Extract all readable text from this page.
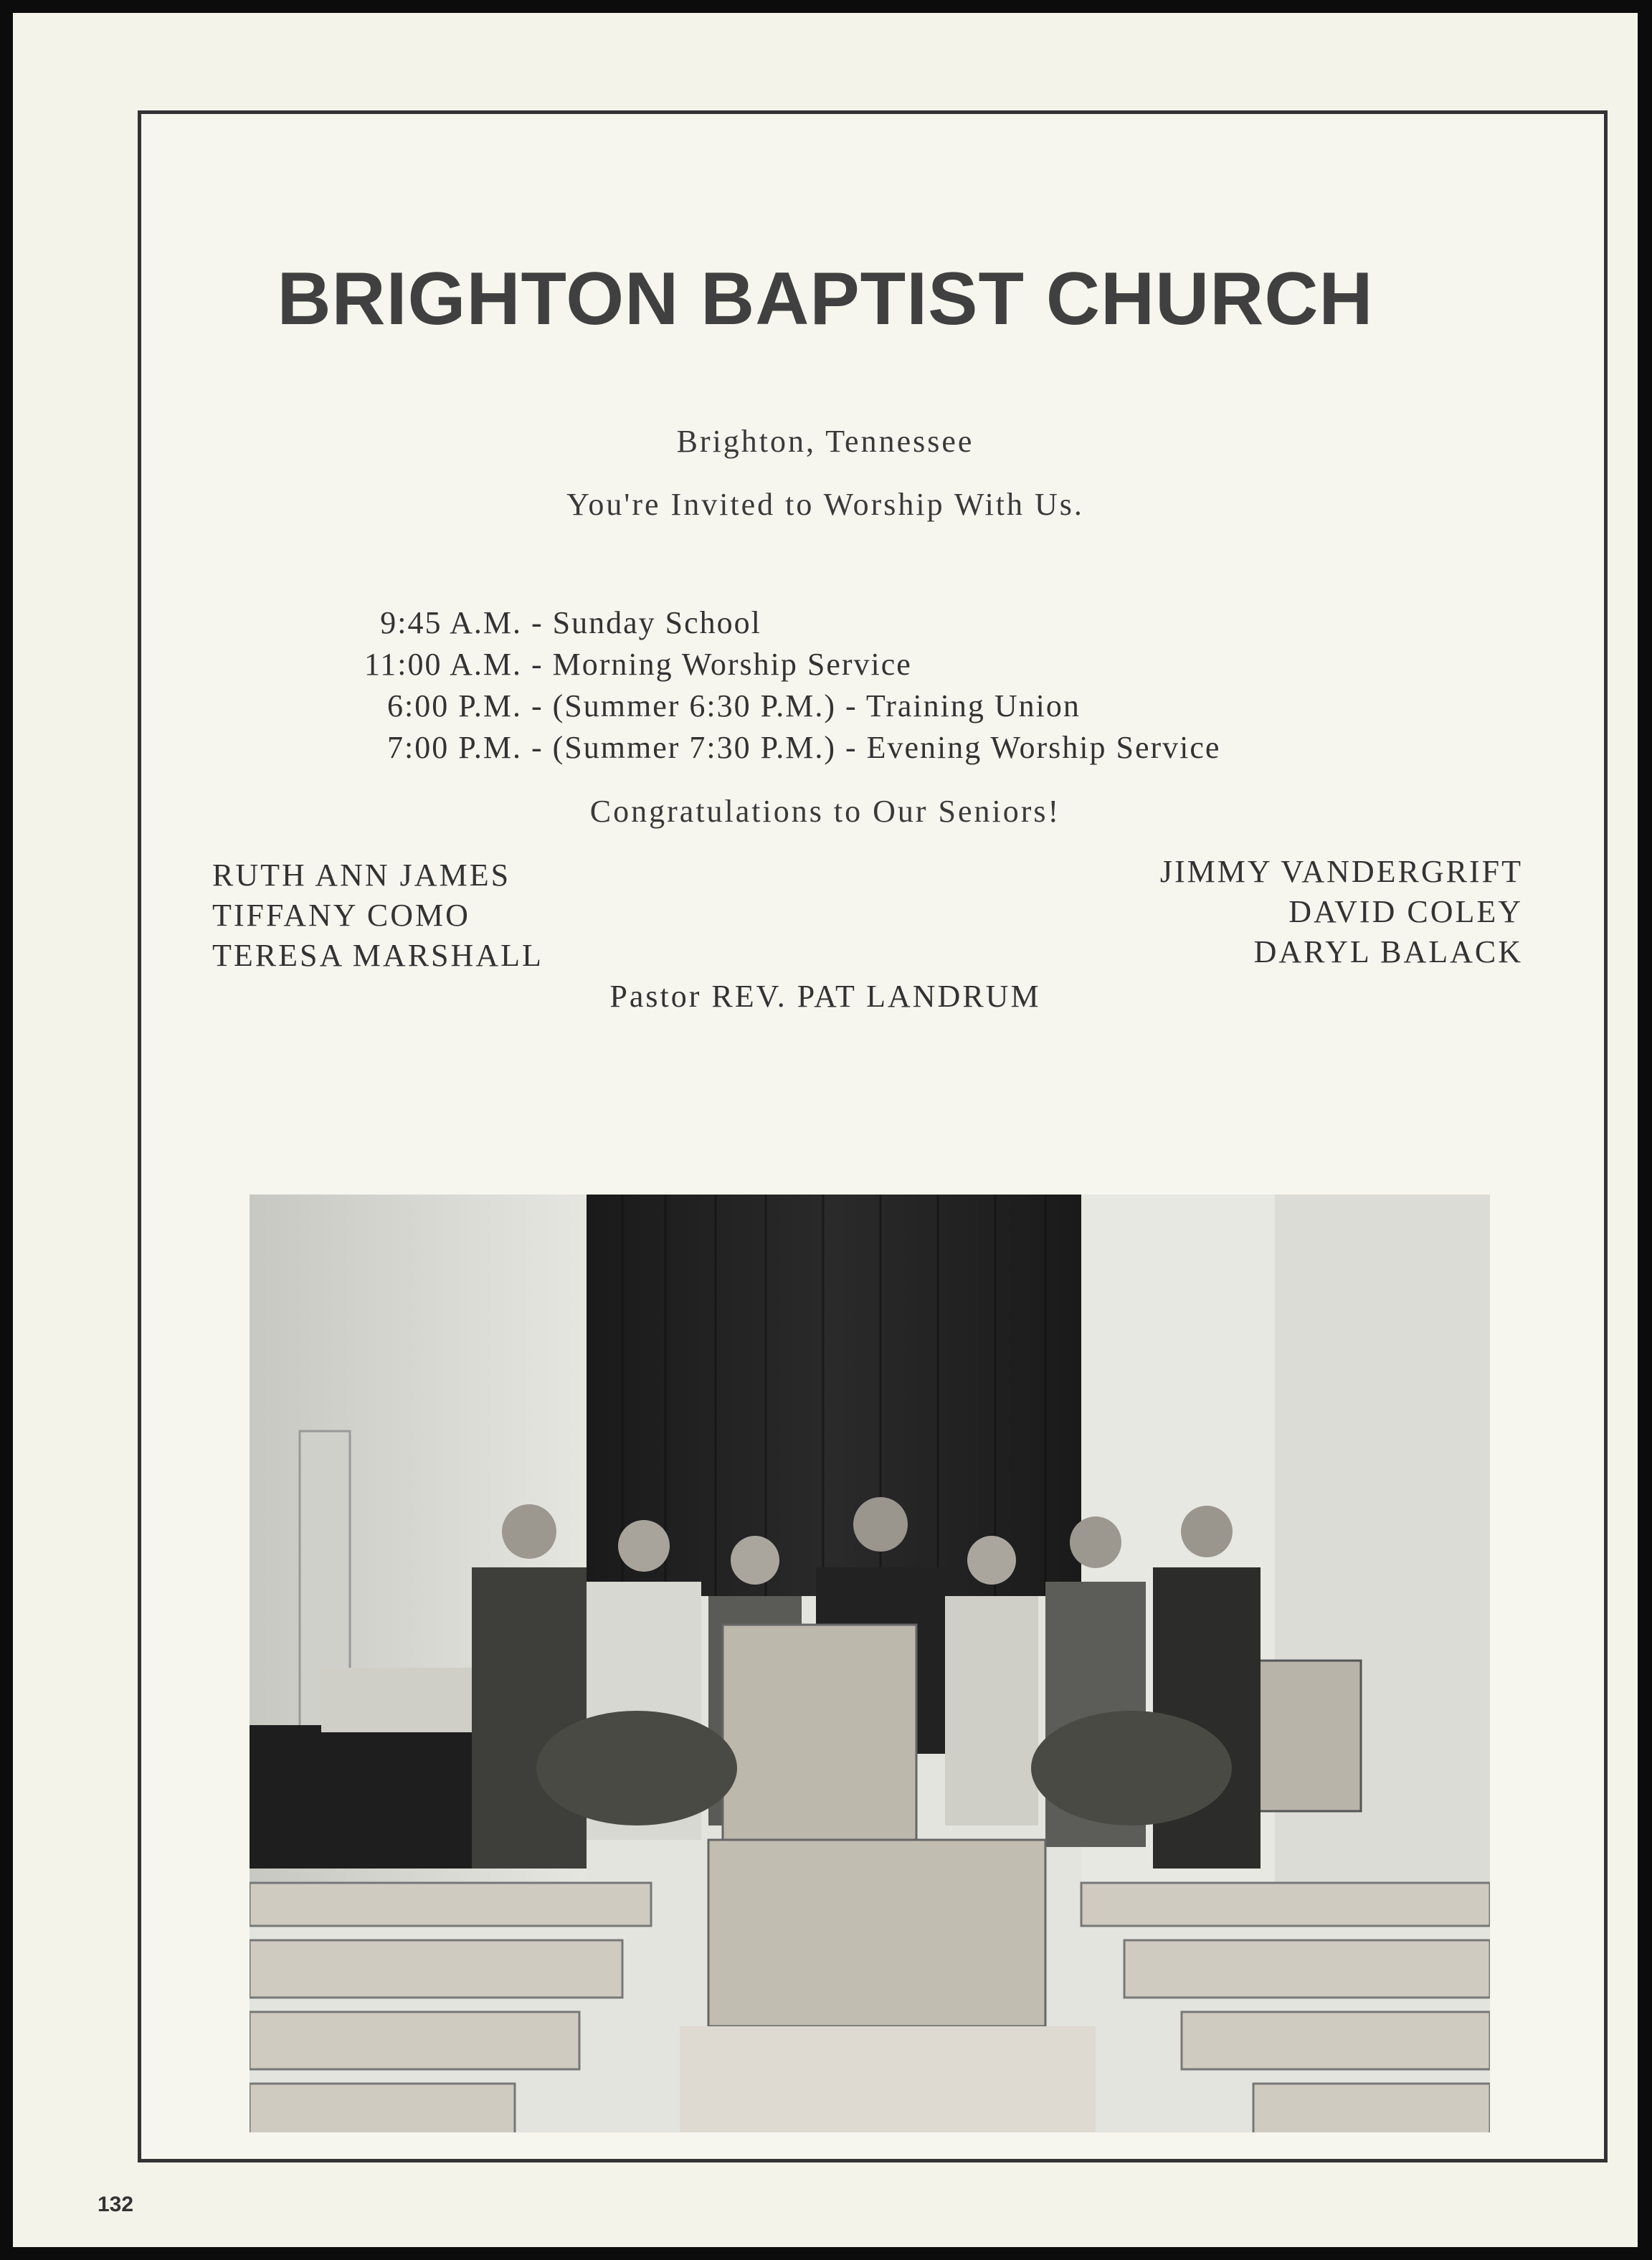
BRIGHTON BAPTIST CHURCH
Brighton, Tennessee
You're Invited to Worship With Us.
9:45 A.M. - Sunday School
11:00 A.M. - Morning Worship Service
6:00 P.M. - (Summer 6:30 P.M.) - Training Union
7:00 P.M. - (Summer 7:30 P.M.) - Evening Worship Service
Congratulations to Our Seniors!
RUTH ANN JAMES
TIFFANY COMO
TERESA MARSHALL
JIMMY VANDERGRIFT
DAVID COLEY
DARYL BALACK
Pastor REV. PAT LANDRUM
132
